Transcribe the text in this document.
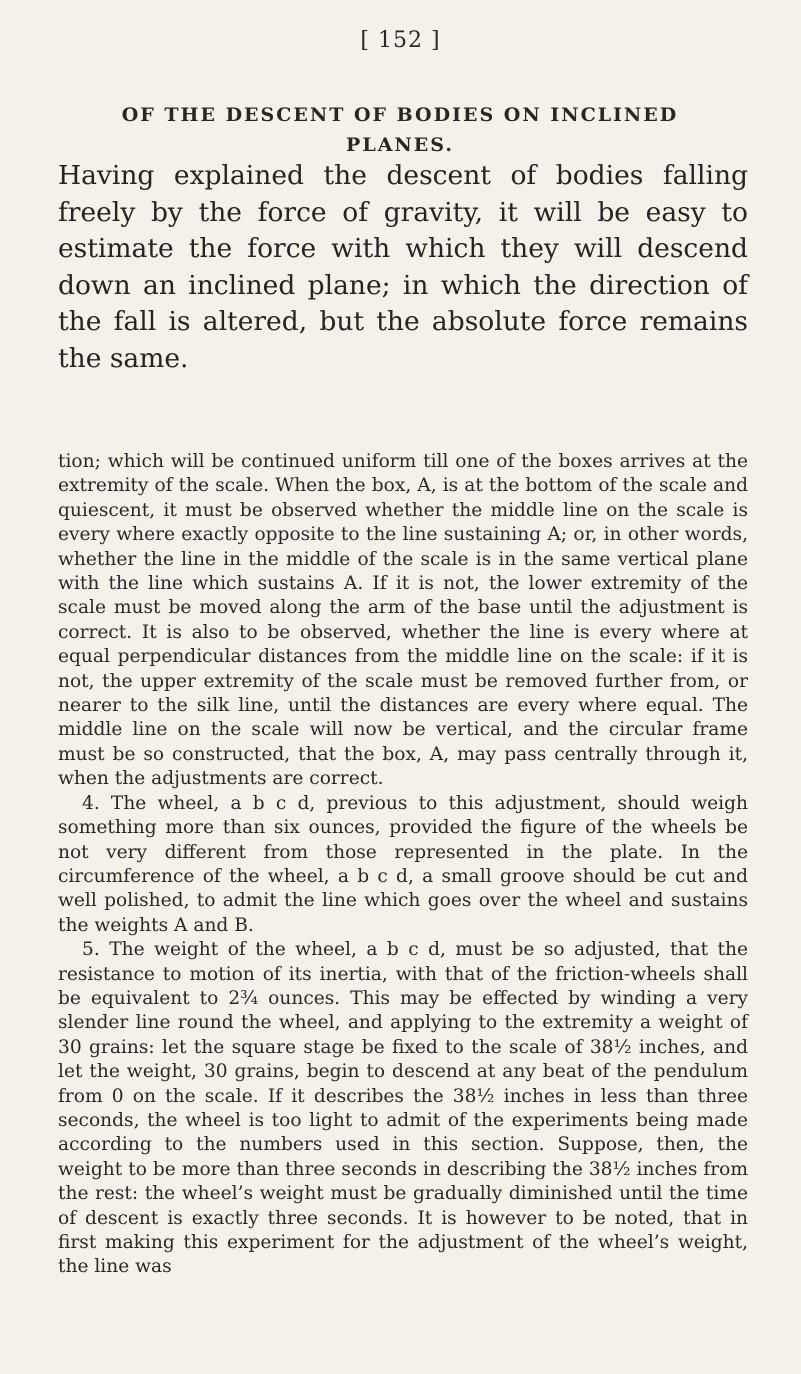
[ 152 ]
OF THE DESCENT OF BODIES ON INCLINED
PLANES.

Having explained the descent of bodies falling freely by the force of gravity, it will be easy to estimate the force with which they will descend down an inclined plane; in which the direction of the fall is altered, but the absolute force remains the same.

tion; which will be continued uniform till one of the boxes arrives at the extremity of the scale. When the box, A, is at the bottom of the scale and quiescent, it must be observed whether the middle line on the scale is every where exactly opposite to the line sustaining A; or, in other words, whether the line in the middle of the scale is in the same vertical plane with the line which sustains A. If it is not, the lower extremity of the scale must be moved along the arm of the base until the adjustment is correct. It is also to be observed, whether the line is every where at equal perpendicular distances from the middle line on the scale: if it is not, the upper extremity of the scale must be removed further from, or nearer to the silk line, until the distances are every where equal. The middle line on the scale will now be vertical, and the circular frame must be so constructed, that the box, A, may pass centrally through it, when the adjustments are correct.

4. The wheel, a b c d, previous to this adjustment, should weigh something more than six ounces, provided the figure of the wheels be not very different from those represented in the plate. In the circumference of the wheel, a b c d, a small groove should be cut and well polished, to admit the line which goes over the wheel and sustains the weights A and B.

5. The weight of the wheel, a b c d, must be so adjusted, that the resistance to motion of its inertia, with that of the friction-wheels shall be equivalent to 2¾ ounces. This may be effected by winding a very slender line round the wheel, and applying to the extremity a weight of 30 grains: let the square stage be fixed to the scale of 38½ inches, and let the weight, 30 grains, begin to descend at any beat of the pendulum from 0 on the scale. If it describes the 38½ inches in less than three seconds, the wheel is too light to admit of the experiments being made according to the numbers used in this section. Suppose, then, the weight to be more than three seconds in describing the 38½ inches from the rest: the wheel’s weight must be gradually diminished until the time of descent is exactly three seconds. It is however to be noted, that in first making this experiment for the adjustment of the wheel’s weight, the line was
